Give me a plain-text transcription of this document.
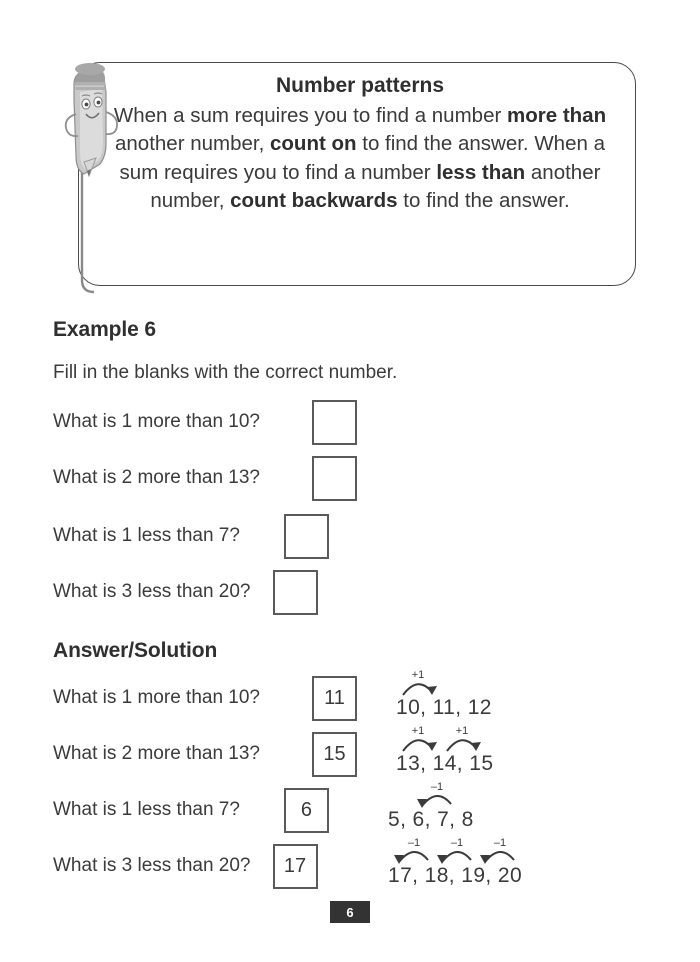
Number patterns
When a sum requires you to find a number more than another number, count on to find the answer. When a sum requires you to find a number less than another number, count backwards to find the answer.
Example 6
Fill in the blanks with the correct number.
What is 1 more than 10?
What is 2 more than 13?
What is 1 less than 7?
What is 3 less than 20?
Answer/Solution
What is 1 more than 10?	11
+1
10, 11, 12
What is 2 more than 13?	15
+1	+1
13, 14, 15
What is 1 less than 7?	6
–1
5, 6, 7, 8
What is 3 less than 20?	17
–1	–1	–1
17, 18, 19, 20
6
